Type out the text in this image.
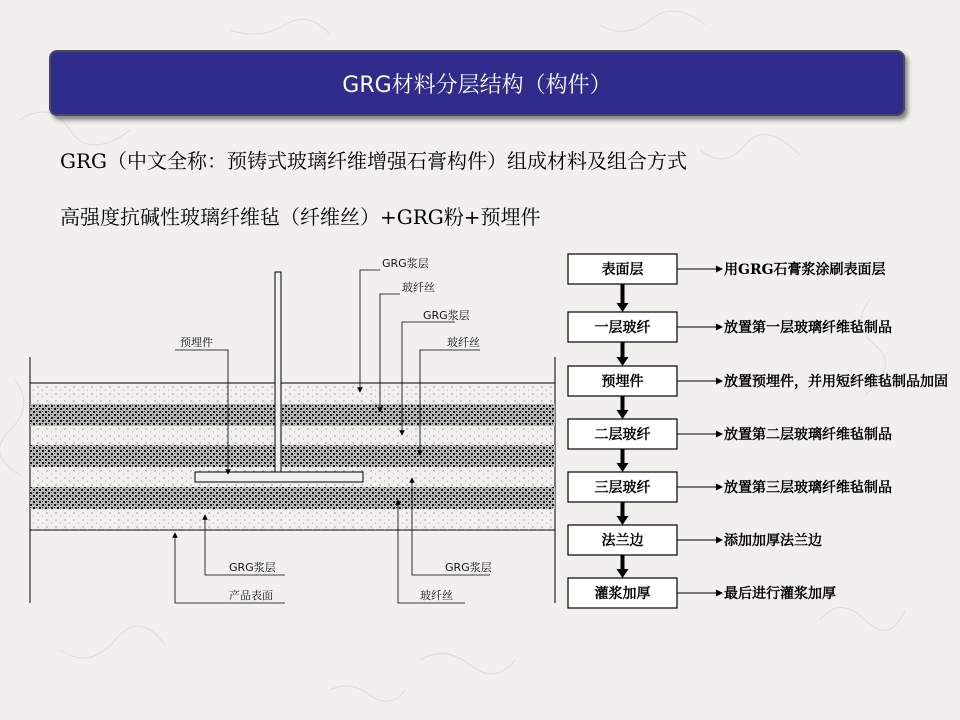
GRG材料分层结构（构件）
GRG（中文全称：预铸式玻璃纤维增强石膏构件）组成材料及组合方式
高强度抗碱性玻璃纤维毡（纤维丝）+GRG粉+预埋件
GRG浆层
玻纤丝
GRG浆层
玻纤丝
预埋件
GRG浆层
产品表面
GRG浆层
玻纤丝
表面层	用GRG石膏浆涂刷表面层
一层玻纤	放置第一层玻璃纤维毡制品
预埋件	放置预埋件，并用短纤维毡制品加固
二层玻纤	放置第二层玻璃纤维毡制品
三层玻纤	放置第三层玻璃纤维毡制品
法兰边	添加加厚法兰边
灌浆加厚	最后进行灌浆加厚
